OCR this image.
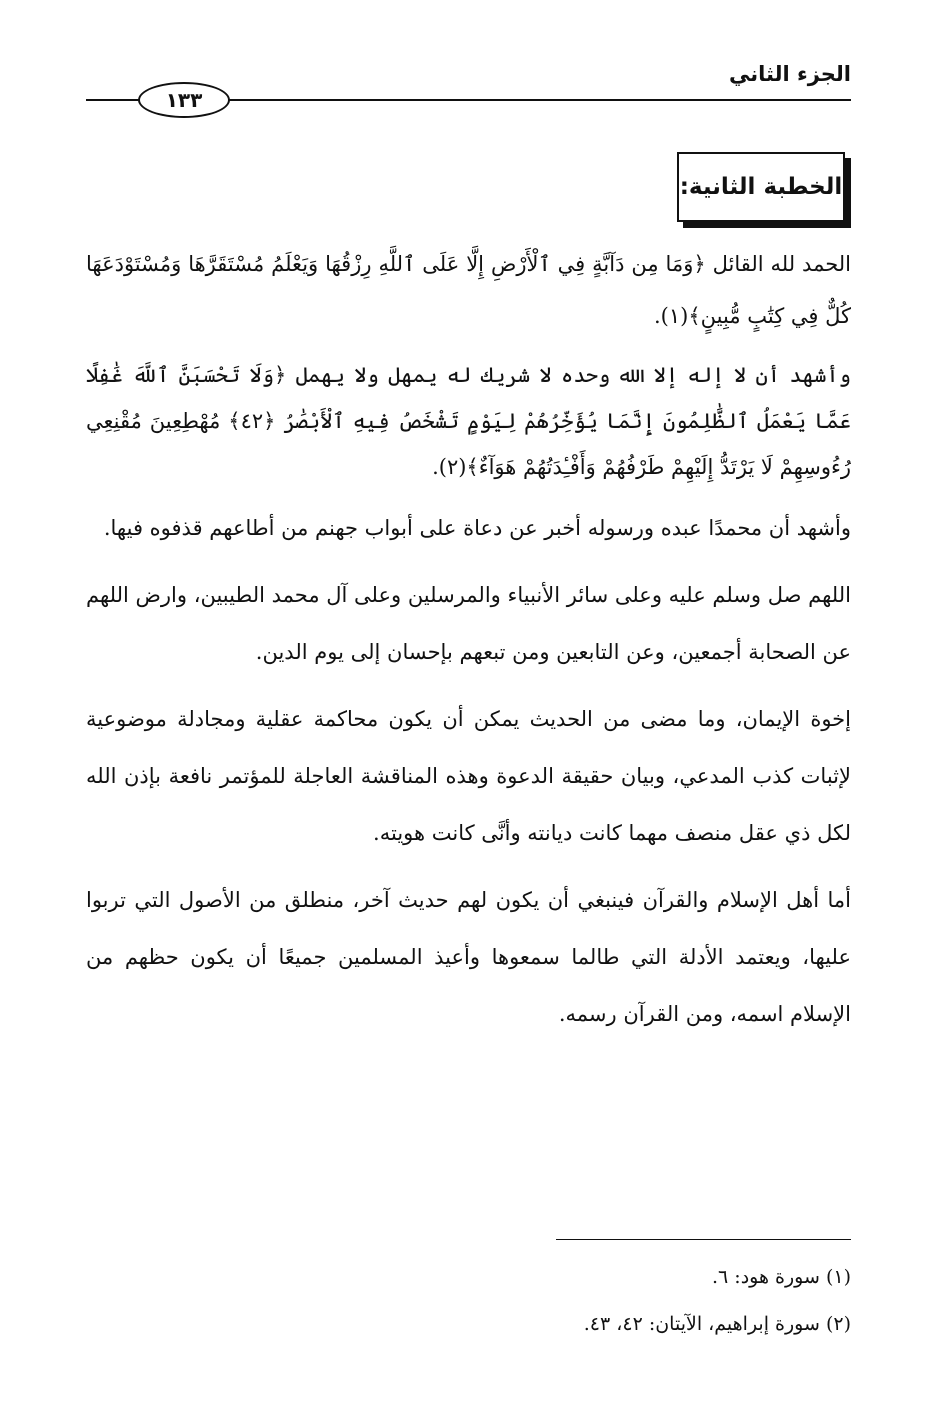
الجزء الثاني
١٣٣
الخطبة الثانية:

الحمد لله القائل ﴿وَمَا مِن دَآبَّةٍ فِي ٱلْأَرْضِ إِلَّا عَلَى ٱللَّهِ رِزْقُهَا وَيَعْلَمُ مُسْتَقَرَّهَا وَمُسْتَوْدَعَهَا كُلٌّ فِي كِتَٰبٍ مُّبِينٍ﴾(١).

وأشهد أن لا إله إلا الله وحده لا شريك له يمهل ولا يهمل ﴿وَلَا تَحْسَبَنَّ ٱللَّهَ غَٰفِلًا عَمَّا يَعْمَلُ ٱلظَّٰلِمُونَ إِنَّمَا يُؤَخِّرُهُمْ لِيَوْمٍ تَشْخَصُ فِيهِ ٱلْأَبْصَٰرُ ﴿٤٢﴾ مُهْطِعِينَ مُقْنِعِي رُءُوسِهِمْ لَا يَرْتَدُّ إِلَيْهِمْ طَرْفُهُمْ وَأَفْـِٔدَتُهُمْ هَوَآءٌ﴾(٢).

وأشهد أن محمدًا عبده ورسوله أخبر عن دعاة على أبواب جهنم من أطاعهم قذفوه فيها.

اللهم صل وسلم عليه وعلى سائر الأنبياء والمرسلين وعلى آل محمد الطيبين، وارض اللهم عن الصحابة أجمعين، وعن التابعين ومن تبعهم بإحسان إلى يوم الدين.

إخوة الإيمان، وما مضى من الحديث يمكن أن يكون محاكمة عقلية ومجادلة موضوعية لإثبات كذب المدعي، وبيان حقيقة الدعوة وهذه المناقشة العاجلة للمؤتمر نافعة بإذن الله لكل ذي عقل منصف مهما كانت ديانته وأنَّى كانت هويته.

أما أهل الإسلام والقرآن فينبغي أن يكون لهم حديث آخر، منطلق من الأصول التي تربوا عليها، ويعتمد الأدلة التي طالما سمعوها وأعيذ المسلمين جميعًا أن يكون حظهم من الإسلام اسمه، ومن القرآن رسمه.

(١) سورة هود: ٦.
(٢) سورة إبراهيم، الآيتان: ٤٢، ٤٣.
